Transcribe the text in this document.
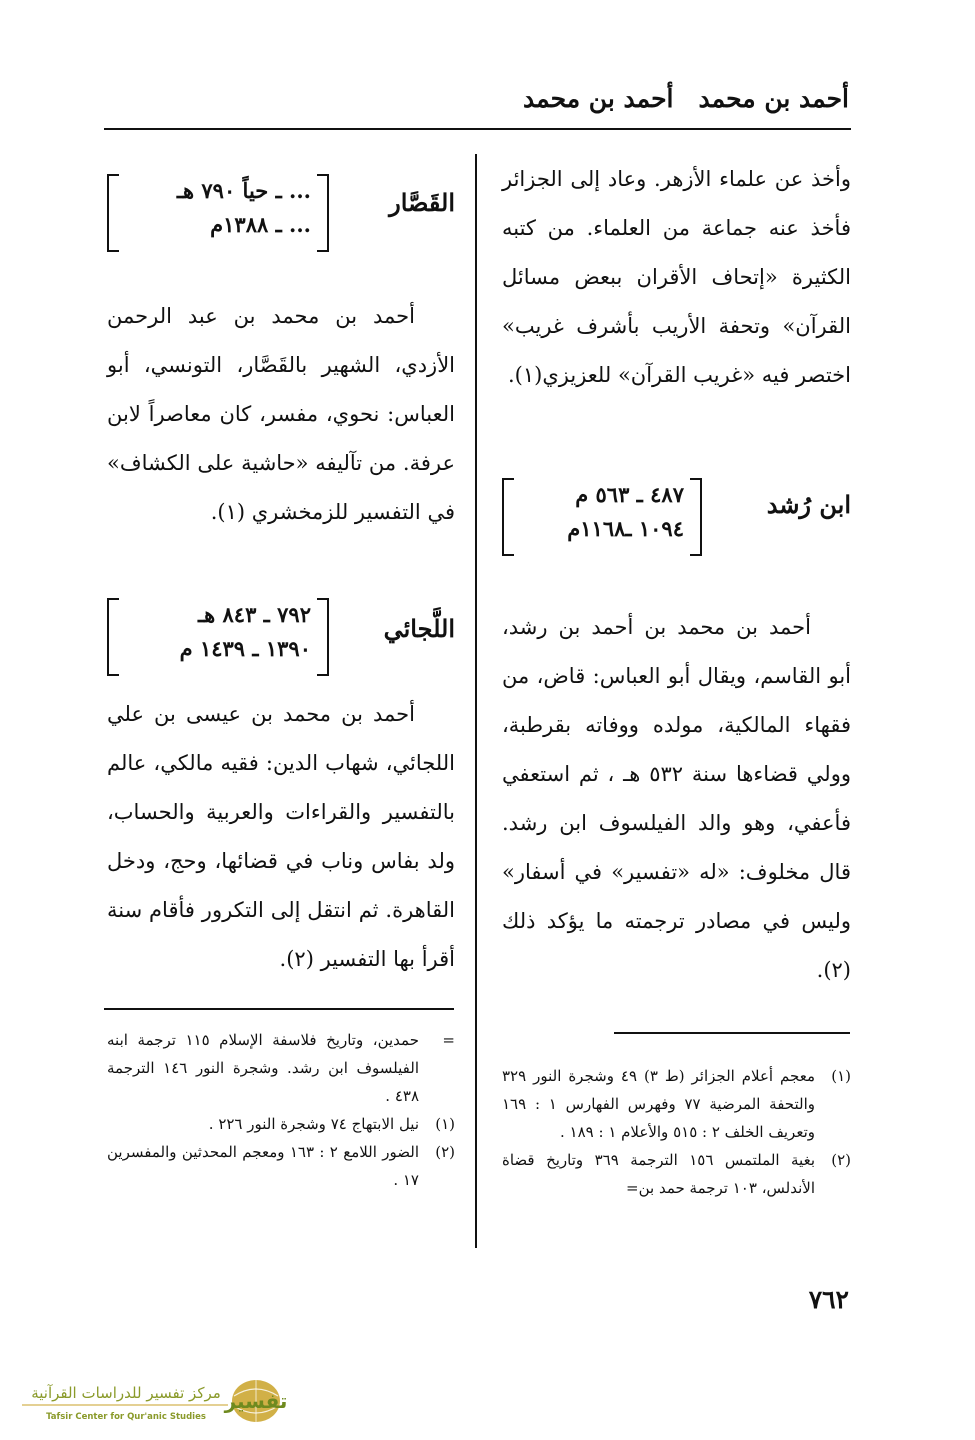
أحمد بن محمد
أحمد بن محمد
وأخذ عن علماء الأزهر. وعاد إلى الجزائر فأخذ عنه جماعة من العلماء. من كتبه الكثيرة «إتحاف الأقران ببعض مسائل القرآن» وتحفة الأريب بأشرف غريب» اختصر فيه «غريب القرآن» للعزيزي(١).
ابن رُشد
٤٨٧ ـ ٥٦٣ م
١٠٩٤ ـ١١٦٨م
أحمد بن محمد بن أحمد بن رشد، أبو القاسم، ويقال أبو العباس: قاض، من فقهاء المالكية، مولده ووفاته بقرطبة، وولي قضاءها سنة ٥٣٢ هـ ، ثم استعفي فأعفي، وهو والد الفيلسوف ابن رشد. قال مخلوف: «له «تفسير» في أسفار» وليس في مصادر ترجمته ما يؤكد ذلك (٢).
(١)
معجم أعلام الجزائر (ط ٣) ٤٩ وشجرة النور ٣٢٩ والتحفة المرضية ٧٧ وفهرس الفهارس ١ : ١٦٩ وتعريف الخلف ٢ : ٥١٥ والأعلام ١ : ١٨٩ .
(٢)
بغية الملتمس ١٥٦ الترجمة ٣٦٩ وتاريخ قضاة الأندلس، ١٠٣ ترجمة حمد بن=
القَصَّار
... ـ حياً ٧٩٠ هـ
... ـ ١٣٨٨م
أحمد بن محمد بن عبد الرحمن الأزدي، الشهير بالقَصَّار، التونسي، أبو العباس: نحوي، مفسر، كان معاصراً لابن عرفة. من تآليفه «حاشية على الكشاف» في التفسير للزمخشري (١).
اللَّجائي
٧٩٢ ـ ٨٤٣ هـ
١٣٩٠ ـ ١٤٣٩ م
أحمد بن محمد بن عيسى بن علي اللجائي، شهاب الدين: فقيه مالكي، عالم بالتفسير والقراءات والعربية والحساب، ولد بفاس وناب في قضائها، وحج، ودخل القاهرة. ثم انتقل إلى التكرور فأقام سنة أقرأ بها التفسير (٢).
=
حمدين، وتاريخ فلاسفة الإسلام ١١٥ ترجمة ابنه الفيلسوف ابن رشد. وشجرة النور ١٤٦ الترجمة ٤٣٨ .
(١)
نيل الابتهاج ٧٤ وشجرة النور ٢٢٦ .
(٢)
الضور اللامع ٢ : ١٦٣ ومعجم المحدثين والمفسرين ١٧ .
٧٦٢
تفسير
مركز تفسير للدراسات القرآنية
Tafsir Center for Qur'anic Studies
